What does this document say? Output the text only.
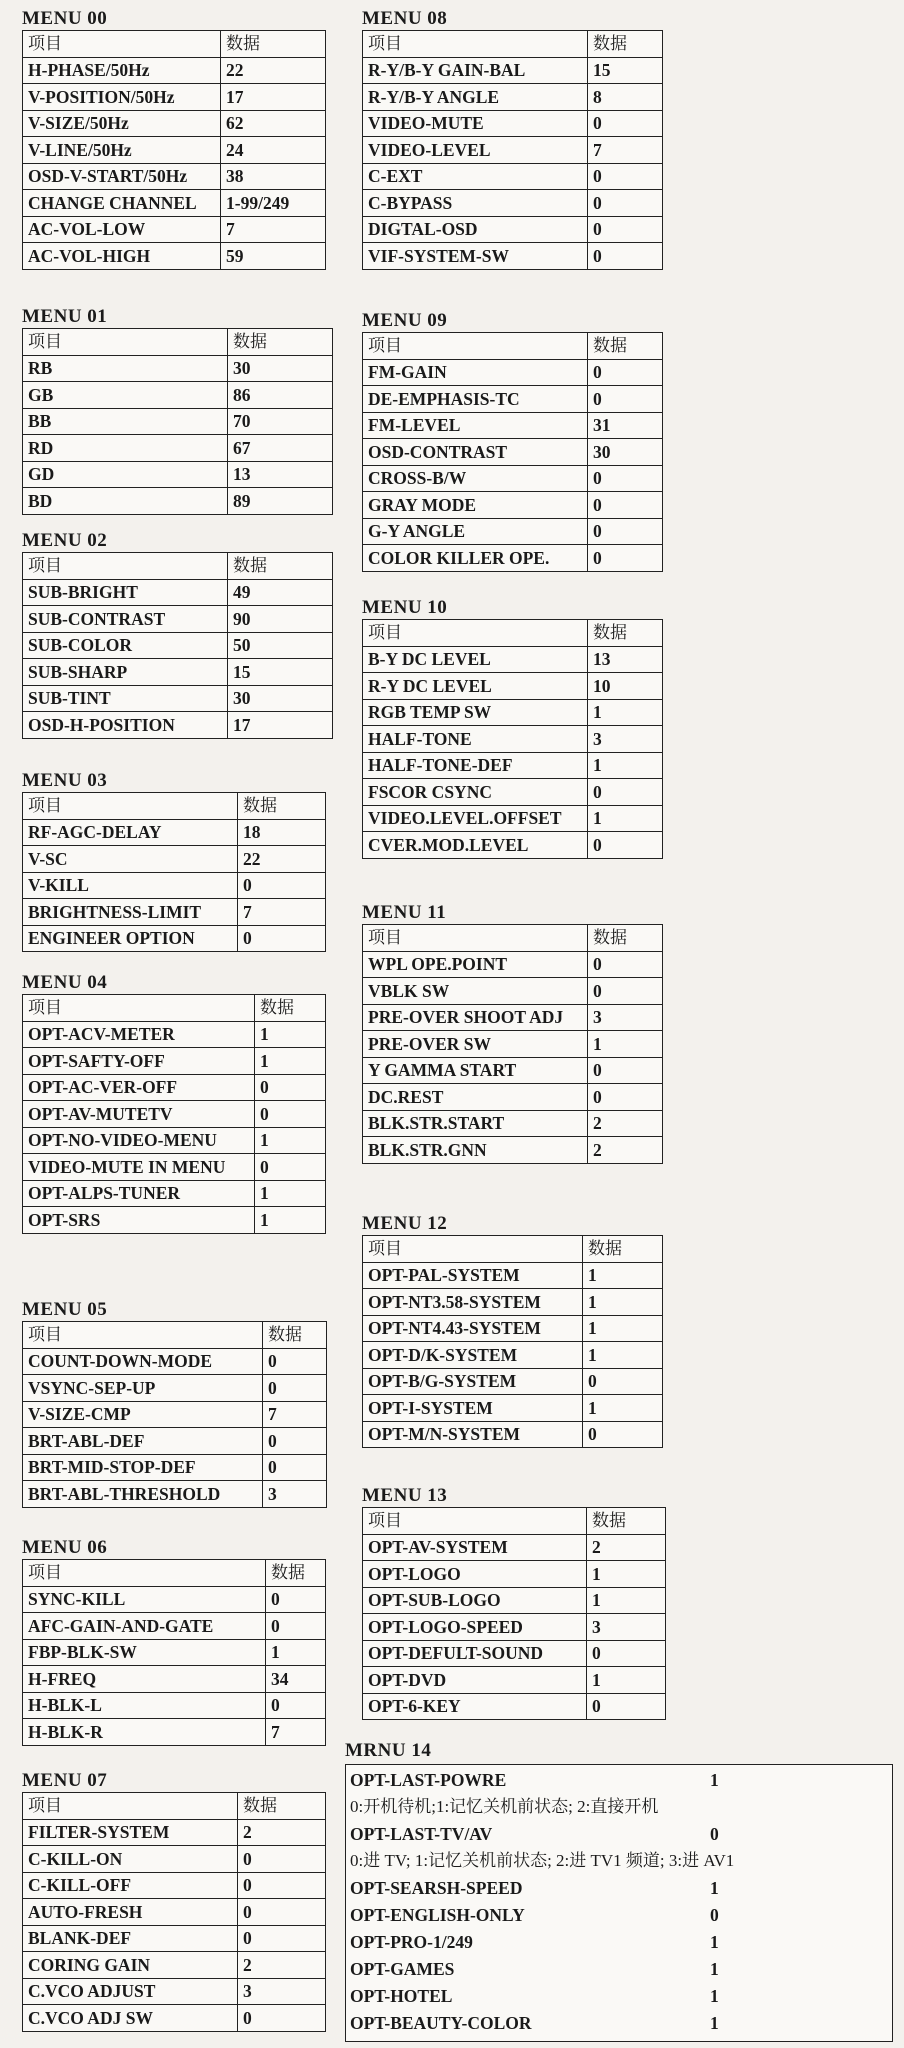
MENU 00
项目	数据
H-PHASE/50Hz	22
V-POSITION/50Hz	17
V-SIZE/50Hz	62
V-LINE/50Hz	24
OSD-V-START/50Hz	38
CHANGE CHANNEL	1-99/249
AC-VOL-LOW	7
AC-VOL-HIGH	59
MENU 01
项目	数据
RB	30
GB	86
BB	70
RD	67
GD	13
BD	89
MENU 02
项目	数据
SUB-BRIGHT	49
SUB-CONTRAST	90
SUB-COLOR	50
SUB-SHARP	15
SUB-TINT	30
OSD-H-POSITION	17
MENU 03
项目	数据
RF-AGC-DELAY	18
V-SC	22
V-KILL	0
BRIGHTNESS-LIMIT	7
ENGINEER OPTION	0
MENU 04
项目	数据
OPT-ACV-METER	1
OPT-SAFTY-OFF	1
OPT-AC-VER-OFF	0
OPT-AV-MUTETV	0
OPT-NO-VIDEO-MENU	1
VIDEO-MUTE IN MENU	0
OPT-ALPS-TUNER	1
OPT-SRS	1
MENU 05
项目	数据
COUNT-DOWN-MODE	0
VSYNC-SEP-UP	0
V-SIZE-CMP	7
BRT-ABL-DEF	0
BRT-MID-STOP-DEF	0
BRT-ABL-THRESHOLD	3
MENU 06
项目	数据
SYNC-KILL	0
AFC-GAIN-AND-GATE	0
FBP-BLK-SW	1
H-FREQ	34
H-BLK-L	0
H-BLK-R	7
MENU 07
项目	数据
FILTER-SYSTEM	2
C-KILL-ON	0
C-KILL-OFF	0
AUTO-FRESH	0
BLANK-DEF	0
CORING GAIN	2
C.VCO ADJUST	3
C.VCO ADJ SW	0
MENU 08
项目	数据
R-Y/B-Y GAIN-BAL	15
R-Y/B-Y ANGLE	8
VIDEO-MUTE	0
VIDEO-LEVEL	7
C-EXT	0
C-BYPASS	0
DIGTAL-OSD	0
VIF-SYSTEM-SW	0
MENU 09
项目	数据
FM-GAIN	0
DE-EMPHASIS-TC	0
FM-LEVEL	31
OSD-CONTRAST	30
CROSS-B/W	0
GRAY MODE	0
G-Y ANGLE	0
COLOR KILLER OPE.	0
MENU 10
项目	数据
B-Y DC LEVEL	13
R-Y DC LEVEL	10
RGB TEMP SW	1
HALF-TONE	3
HALF-TONE-DEF	1
FSCOR CSYNC	0
VIDEO.LEVEL.OFFSET	1
CVER.MOD.LEVEL	0
MENU 11
项目	数据
WPL OPE.POINT	0
VBLK SW	0
PRE-OVER SHOOT ADJ	3
PRE-OVER SW	1
Y GAMMA START	0
DC.REST	0
BLK.STR.START	2
BLK.STR.GNN	2
MENU 12
项目	数据
OPT-PAL-SYSTEM	1
OPT-NT3.58-SYSTEM	1
OPT-NT4.43-SYSTEM	1
OPT-D/K-SYSTEM	1
OPT-B/G-SYSTEM	0
OPT-I-SYSTEM	1
OPT-M/N-SYSTEM	0
MENU 13
项目	数据
OPT-AV-SYSTEM	2
OPT-LOGO	1
OPT-SUB-LOGO	1
OPT-LOGO-SPEED	3
OPT-DEFULT-SOUND	0
OPT-DVD	1
OPT-6-KEY	0
MRNU 14
OPT-LAST-POWRE	1
0:开机待机;1:记忆关机前状态; 2:直接开机
OPT-LAST-TV/AV	0
0:进 TV; 1:记忆关机前状态; 2:进 TV1 频道; 3:进 AV1
OPT-SEARSH-SPEED	1
OPT-ENGLISH-ONLY	0
OPT-PRO-1/249	1
OPT-GAMES	1
OPT-HOTEL	1
OPT-BEAUTY-COLOR	1
